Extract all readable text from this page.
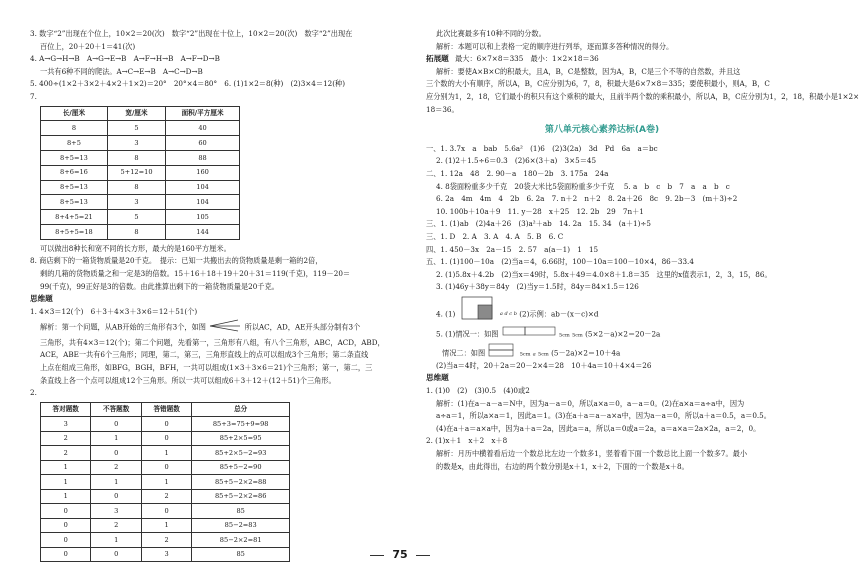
3. 数字“2”出现在个位上，10×2＝20(次)　数字“2”出现在十位上，10×2＝20(次)　数字“2”出现在
百位上，20＋20＋1＝41(次)
4. A→G→H→B　A→G→E→B　A→F→H→B　A→F→D→B
一共有6种不同的爬法。A→C→E→B　A→C→D→B
5. 400÷(1×2＋3×2＋4×2＋1×2)＝20°　20°×4＝80°　6. (1)1×2＝8(种)　(2)3×4＝12(种)
7.
长/厘米	宽/厘米	面积/平方厘米
8	5	40
8+5	3	60
8+5=13	8	88
8+6=16	5+12=10	160
8+5=13	8	104
8+5=13	3	104
8+4+5=21	5	105
8+5+5=18	8	144
可以做出8种长和宽不同的长方形，最大的是160平方厘米。
8. 商店剩下的一箱货物质量是20千克。　提示：已知一共搬出去的货物质量是剩一箱的2倍，
剩的几箱的货物质量之和一定是3的倍数。15＋16＋18＋19＋20＋31＝119(千克)，119－20＝
99(千克)，99正好是3的倍数。由此推算出剩下的一箱货物质量是20千克。
思维题
1. 4×3＝12(个)　6＋3＋4×3＋3×6＝12＋51(个)
解析：第一个问题，从AB开始的三角形有3个，如图	所以AC，AD，AE开头部分制有3个
三角形，共有4×3＝12(个)；第二个问题，先看第一，三角形有八组，有八个三角形，ABC，ACD，ABD，
ACE，ABE一共有6个三角形；同理，第二，第三，三角形直线上的点可以组成3个三角形；第二条直线
上点在组成三角形，如BFG，BGH，BFH，一共可以组成(1×3＋3×6＝21)个三角形；第一，第二，三
条直线上各一个点可以组成12个三角形。所以一共可以组成6＋3＋12＋(12＋51)个三角形。
2.
答对题数	不答题数	答错题数	总分
3	0	0	85+3=75+9=98
2	1	0	85+2×5=95
2	0	1	85+2×5−2=93
1	2	0	85+5−2=90
1	1	1	85+5−2×2=88
1	0	2	85+5−2×2=86
0	3	0	85
0	2	1	85−2=83
0	1	2	85−2×2=81
0	0	3	85
此次比赛最多有10种不同的分数。
解析：本题可以和上表格一定的顺序进行列举，逐而算多答种情况的得分。
拓展题 最大：6×7×8＝335　最小：1×2×18＝36
解析：要使A×B×C的积最大，且A，B，C是整数，因为A，B，C是三个不等的自然数，并且这
三个数的大小有顺序，所以A，B，C应分别为6，7，8，积最大是6×7×8＝335；要使积最小，则A，B，C
应分别为1，2，18，它们最小的积只有这个乘积的最大，且前半两个数的乘积最小，所以A，B，C应分别为1，2，18，积最小是1×2×
18＝36。
第八单元核心素养达标(A卷)
一、1. 3.7x　a　bab　5.6a²　(1)6　(2)3(2a)　3d　Pd　6a　a＝bc
2. (1)2＋1.5÷6＝0.3　(2)6×(3＋a)　3×5＝45
二、1. 12a　48　2. 90－a　180－2b　3. 175a　24a
4. 8袋面粉重多少千克　20袋大米比5袋面粉重多少千克　 5. a　b　c　b　7　a　a　b　c
6. 2a　4m　4m　4　2b　6. 2a　7. n＋2　n＋2　8. 2a＋26　8c　9. 2b－3　(m＋3)÷2
10. 100b＋10a＋9　11. y－28　x＋25　12. 2b　29　7n＋1
三、1. (1)ab　(2)4a＋26　(3)a²＋ab　14. 2a　15. 34　(a＋1)÷5
三、1. D　2. A　3. A　4. A　5. B　6. C
四、1. 450－3x　2a－15　2. 57　a(a－1)　1　15
五、1. (1)100－10a　(2)当a＝4，6.66时，100－10a＝100－10×4，86－33.4
2. (1)5.8x＋4.2b　(2)当x＝49时，5.8x＋49＝4.0×8＋1.8＝35　这里的x值表示1，2，3，15，86。
3. (1)46y＋38y＝84y　(2)当y＝1.5时，84y＝84×1.5＝126
4. (1)	a d c b (2)示例：ab－(x－c)×d
5. (1)情况一：如图	5cm 5cm (5×2－a)×2＝20－2a
情况二：如图	5cm a 5cm (5－2a)×2＝10＋4a
(2)当a＝4时，20＋2a＝20－2×4＝28　10＋4a＝10＋4×4＝26
思维题
1. (1)0　(2)　(3)0.5　(4)0或2
解析：(1)在a－a－a＝N中，因为a－a＝0，所以a×a＝0，a－a＝0。(2)在a×a＝a÷a中，因为
a÷a＝1，所以a×a＝1，因此a＝1。(3)在a＋a＝a－a×a中，因为a－a＝0，所以a＋a＝0.5，a＝0.5。
(4)在a＋a＝a×a中，因为a＋a＝2a，因此a＝a，所以a＝0或a＝2a，a＝a×a＝2a×2a，a＝2，0。
2. (1)x＋1　x＋2　x＋8
解析：月历中横着看后边一个数总比左边一个数多1，竖着看下面一个数总比上面一个数多7。最小
的数是x，由此得出，右边的两个数分别是x＋1，x＋2，下面的一个数是x＋8。
75
